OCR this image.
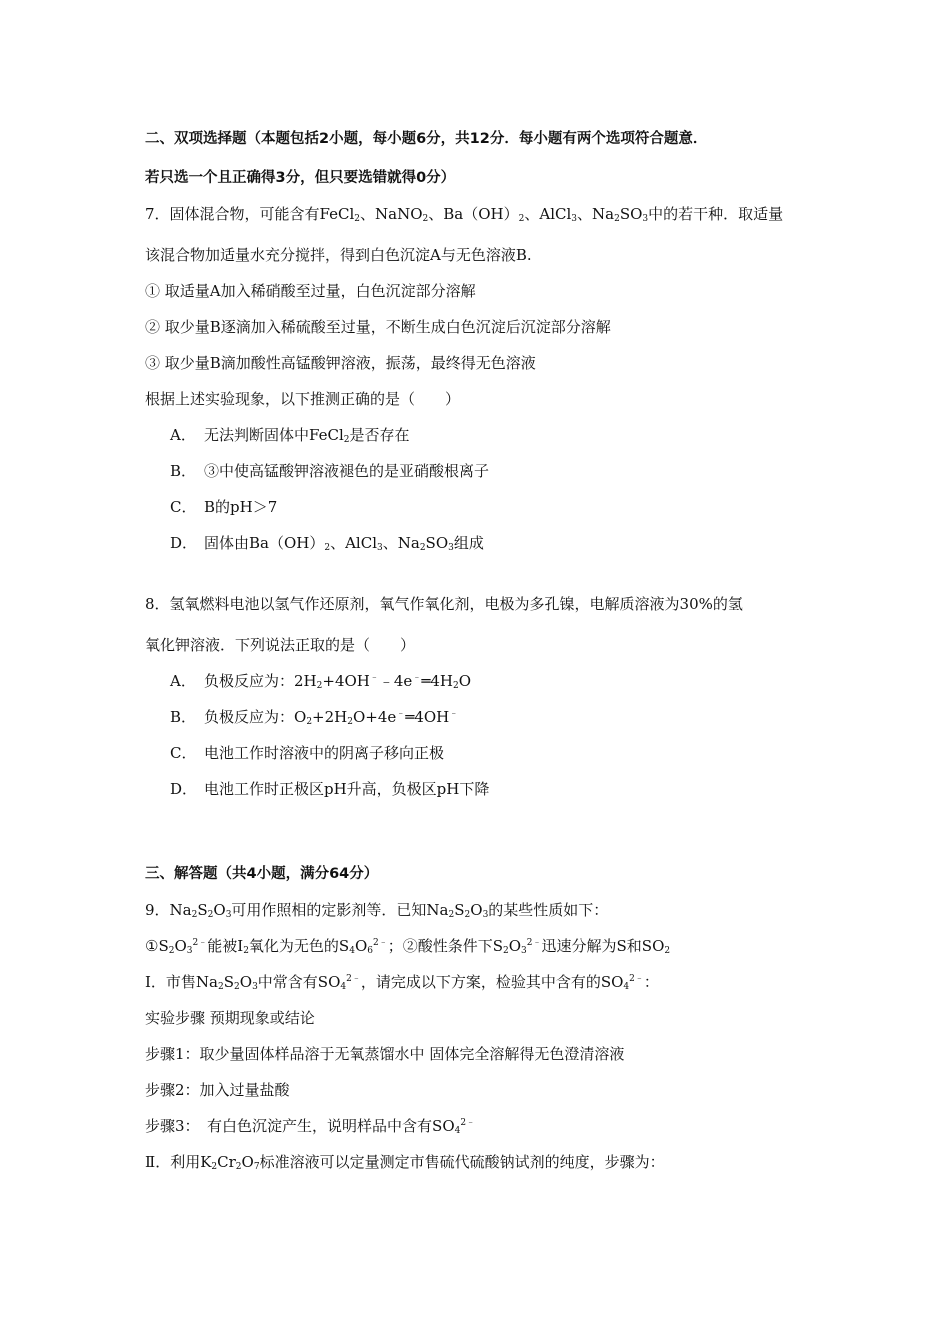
二、双项选择题（本题包括2小题，每小题6分，共12分．每小题有两个选项符合题意．
若只选一个且正确得3分，但只要选错就得0分）
7．固体混合物，可能含有FeCl$_2$、NaNO$_2$、$Ba(OH)_2$、AlCl$_3$、$Na_2SO_3$中的若干种．取适量
该混合物加适量水充分搅拌，得到白色沉淀A与无色溶液B.
① 取适量A加入稀硝酸至过量，白色沉淀部分溶解
② 取少量B逐滴加入稀硫酸至过量，不断生成白色沉淀后沉淀部分溶解
③ 取少量B滴加酸性高锰酸钾溶液，振荡，最终得无色溶液
根据上述实验现象，以下推测正确的是（　　）
A． 无法判断固体中FeCl$_2$是否存在
B． ③中使高锰酸钾溶液褪色的是亚硝酸根离子
C． B的pH＞7
D． 固体由$Ba(OH)_2$、AlCl$_3$、$Na_2SO_3$组成
8．氢氧燃料电池以氢气作还原剂，氧气作氧化剂，电极为多孔镍，电解质溶液为30%的氢
氧化钾溶液．下列说法正取的是（　　）
A． 负极反应为：$2H_2+4OH^﹣﹣4e^﹣═4H_2O$
B． 负极反应为：$O_2+2H_2O+4e^﹣═4OH^﹣$
C． 电池工作时溶液中的阴离子移向正极
D． 电池工作时正极区pH升高，负极区pH下降
三、解答题（共4小题，满分64分）
9．$Na_2S_2O_3$可用作照相的定影剂等．已知$Na_2S_2O_3$的某些性质如下：
$①S_2O_3^{2﹣}$能被$I_2$氧化为无色的$S_4O_6^{2﹣}$；②酸性条件下$S_2O_3^{2﹣}$迅速分解为S和$SO_2$
Ⅰ．市售$Na_2S_2O_3$中常含有$SO_4^{2﹣}$，请完成以下方案，检验其中含有的$SO_4^{2﹣}$：
实验步骤 预期现象或结论
步骤1：取少量固体样品溶于无氧蒸馏水中 固体完全溶解得无色澄清溶液
步骤2：加入过量盐酸
步骤3：　有白色沉淀产生，说明样品中含有$SO_4^{2﹣}$
Ⅱ．利用$K_2Cr_2O_7$标准溶液可以定量测定市售硫代硫酸钠试剂的纯度，步骤为：
